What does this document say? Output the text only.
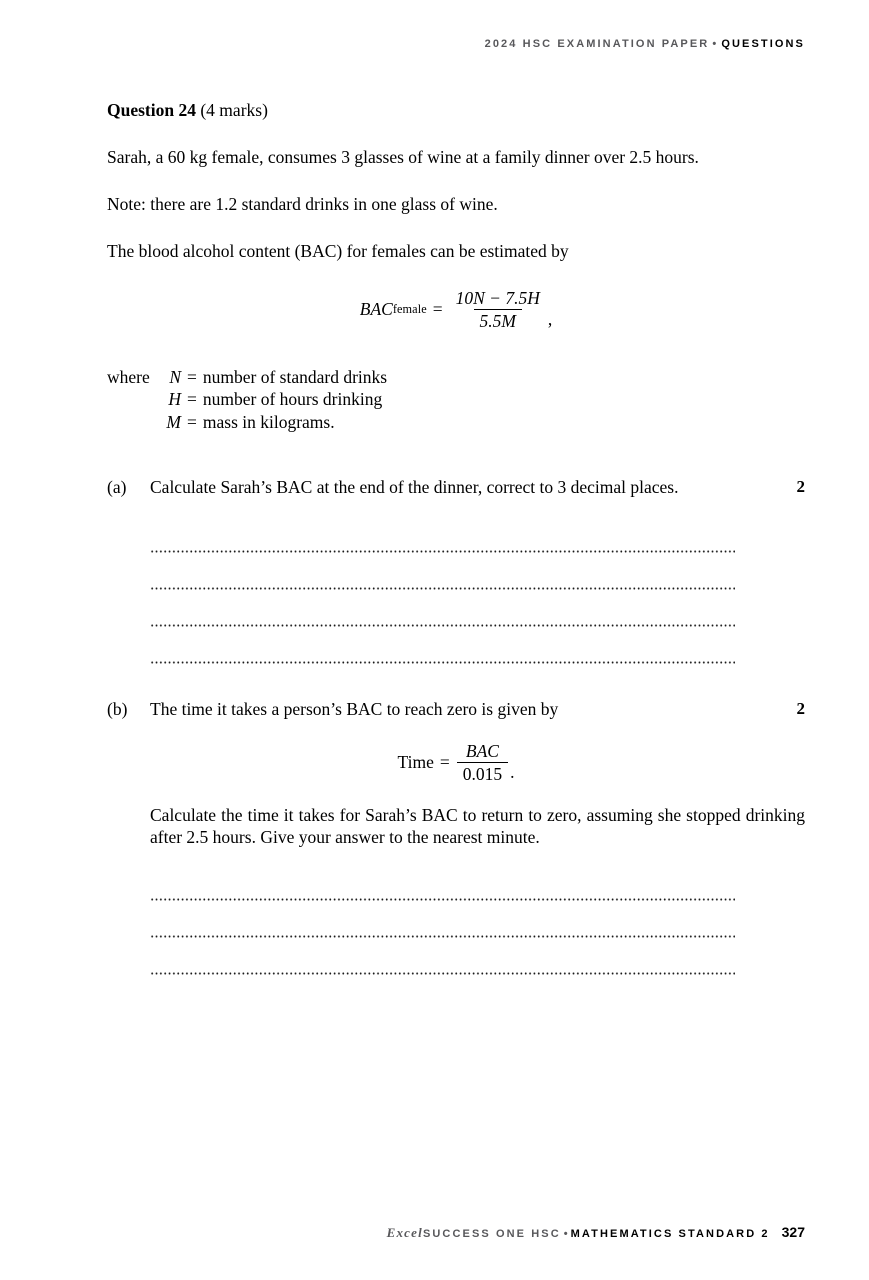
2024 HSC EXAMINATION PAPER • QUESTIONS

Question 24 (4 marks)

Sarah, a 60 kg female, consumes 3 glasses of wine at a family dinner over 2.5 hours.

Note: there are 1.2 standard drinks in one glass of wine.

The blood alcohol content (BAC) for females can be estimated by

BAC female = $\frac{10N - 7.5H}{5.5M}$ ,
where	N = number of standard drinks
H = number of hours drinking
M = mass in kilograms.
(a)	Calculate Sarah’s BAC at the end of the dinner, correct to 3 decimal places.	2
(b)	The time it takes a person’s BAC to reach zero is given by	2
Time = $\frac{\text{BAC}}{0.015}$ .
Calculate the time it takes for Sarah’s BAC to return to zero, assuming she stopped drinking after 2.5 hours. Give your answer to the nearest minute.
ExcelSUCCESS ONE HSC • MATHEMATICS STANDARD 2 327
